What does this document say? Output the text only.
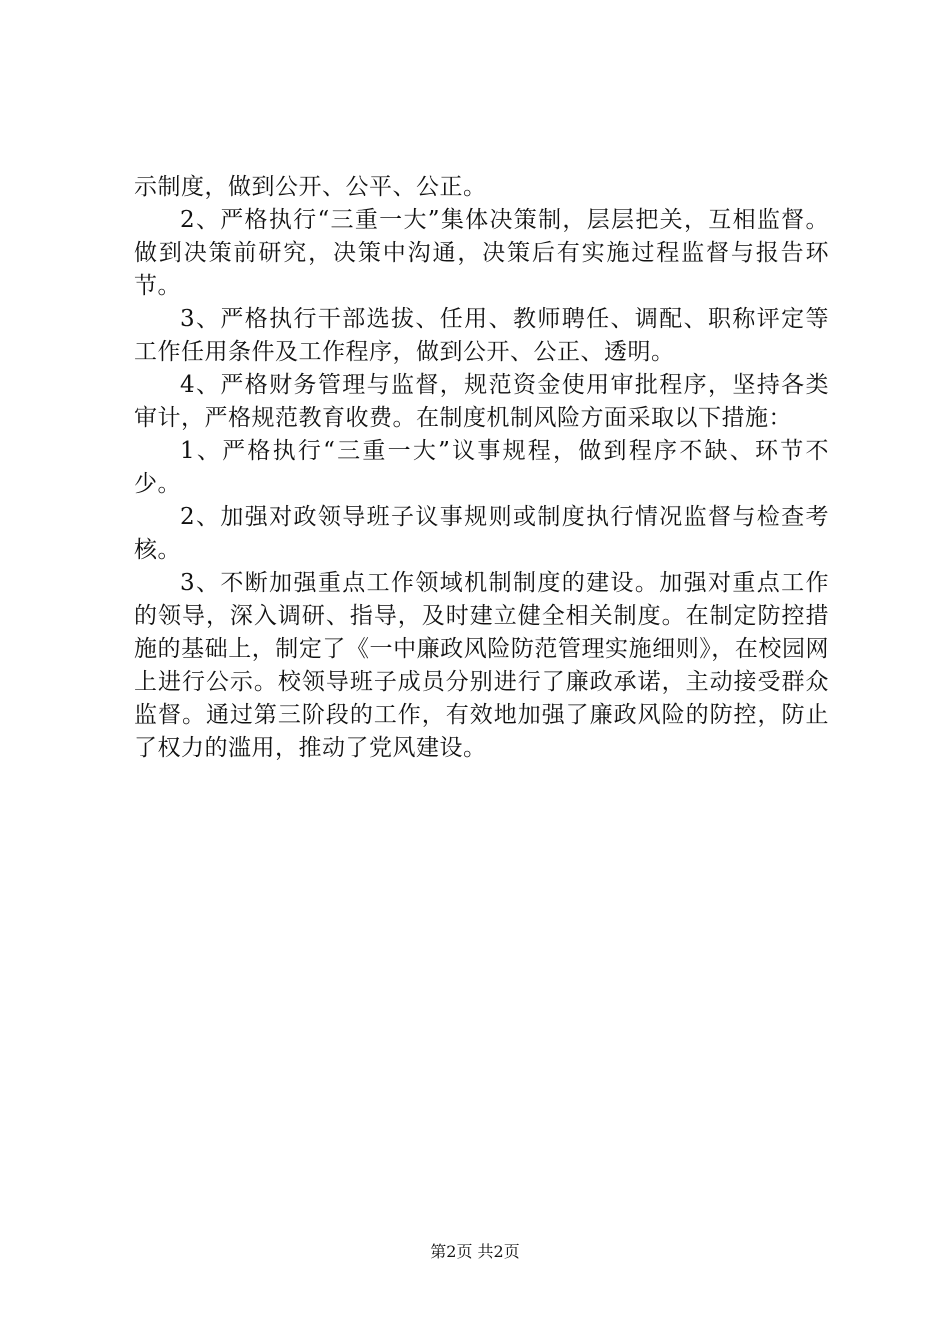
示制度，做到公开、公平、公正。

2、严格执行“三重一大”集体决策制，层层把关，互相监督。做到决策前研究，决策中沟通，决策后有实施过程监督与报告环节。

3、严格执行干部选拔、任用、教师聘任、调配、职称评定等工作任用条件及工作程序，做到公开、公正、透明。

4、严格财务管理与监督，规范资金使用审批程序，坚持各类审计，严格规范教育收费。在制度机制风险方面采取以下措施：

1、严格执行“三重一大”议事规程，做到程序不缺、环节不少。

2、加强对政领导班子议事规则或制度执行情况监督与检查考核。

3、不断加强重点工作领域机制制度的建设。加强对重点工作的领导，深入调研、指导，及时建立健全相关制度。在制定防控措施的基础上，制定了《一中廉政风险防范管理实施细则》，在校园网上进行公示。校领导班子成员分别进行了廉政承诺，主动接受群众监督。通过第三阶段的工作，有效地加强了廉政风险的防控，防止了权力的滥用，推动了党风建设。

第2页 共2页
